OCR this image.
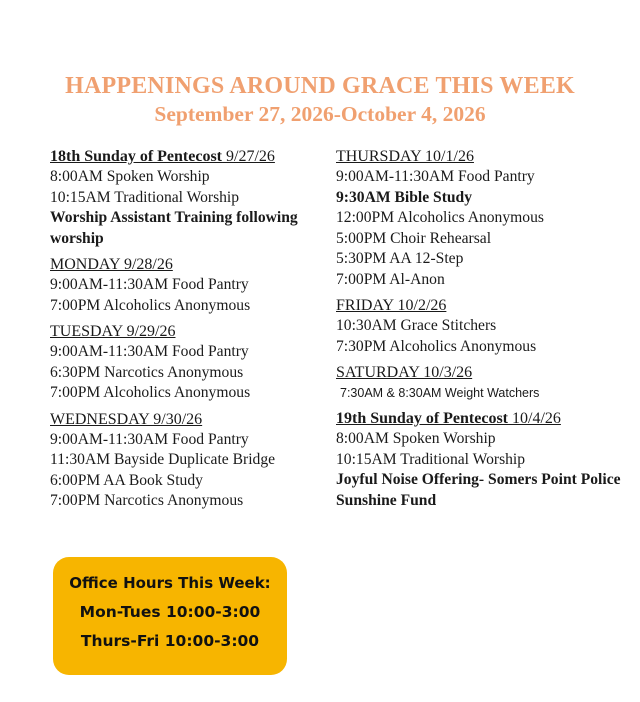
HAPPENINGS AROUND GRACE THIS WEEK
September 27, 2026-October 4, 2026
18th Sunday of Pentecost 9/27/26
8:00AM Spoken Worship
10:15AM Traditional Worship
Worship Assistant Training following worship
MONDAY 9/28/26
9:00AM-11:30AM Food Pantry
7:00PM Alcoholics Anonymous
TUESDAY 9/29/26
9:00AM-11:30AM Food Pantry
6:30PM Narcotics Anonymous
7:00PM Alcoholics Anonymous
WEDNESDAY 9/30/26
9:00AM-11:30AM Food Pantry
11:30AM Bayside Duplicate Bridge
6:00PM AA Book Study
7:00PM Narcotics Anonymous
THURSDAY 10/1/26
9:00AM-11:30AM Food Pantry
9:30AM Bible Study
12:00PM Alcoholics Anonymous
5:00PM Choir Rehearsal
5:30PM AA 12-Step
7:00PM Al-Anon
FRIDAY 10/2/26
10:30AM Grace Stitchers
7:30PM Alcoholics Anonymous
SATURDAY 10/3/26
7:30AM & 8:30AM Weight Watchers
19th Sunday of Pentecost 10/4/26
8:00AM Spoken Worship
10:15AM Traditional Worship
Joyful Noise Offering- Somers Point Police Sunshine Fund
Office Hours This Week:
Mon-Tues 10:00-3:00
Thurs-Fri 10:00-3:00
